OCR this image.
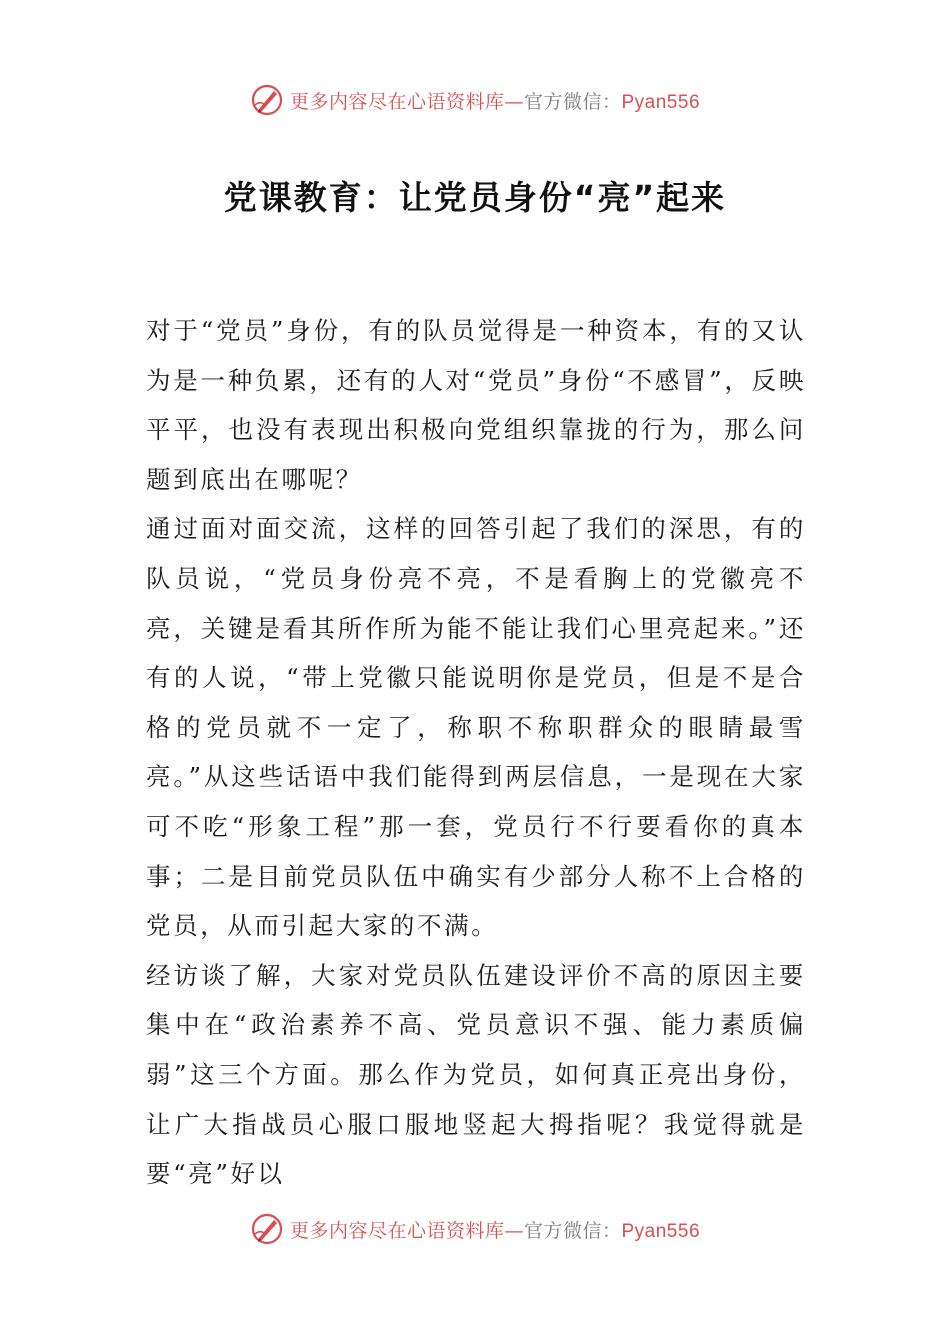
更多内容尽在心语资料库—官方微信：Pyan556
党课教育：让党员身份“亮”起来

对于“党员”身份，有的队员觉得是一种资本，有的又认为是一种负累，还有的人对“党员”身份“不感冒”，反映平平，也没有表现出积极向党组织靠拢的行为，那么问题到底出在哪呢？

通过面对面交流，这样的回答引起了我们的深思，有的队员说，“党员身份亮不亮，不是看胸上的党徽亮不亮，关键是看其所作所为能不能让我们心里亮起来。”还有的人说，“带上党徽只能说明你是党员，但是不是合格的党员就不一定了，称职不称职群众的眼睛最雪亮。”从这些话语中我们能得到两层信息，一是现在大家可不吃“形象工程”那一套，党员行不行要看你的真本事；二是目前党员队伍中确实有少部分人称不上合格的党员，从而引起大家的不满。

经访谈了解，大家对党员队伍建设评价不高的原因主要集中在“政治素养不高、党员意识不强、能力素质偏弱”这三个方面。那么作为党员，如何真正亮出身份，让广大指战员心服口服地竖起大拇指呢？我觉得就是要“亮”好以

更多内容尽在心语资料库—官方微信：Pyan556
